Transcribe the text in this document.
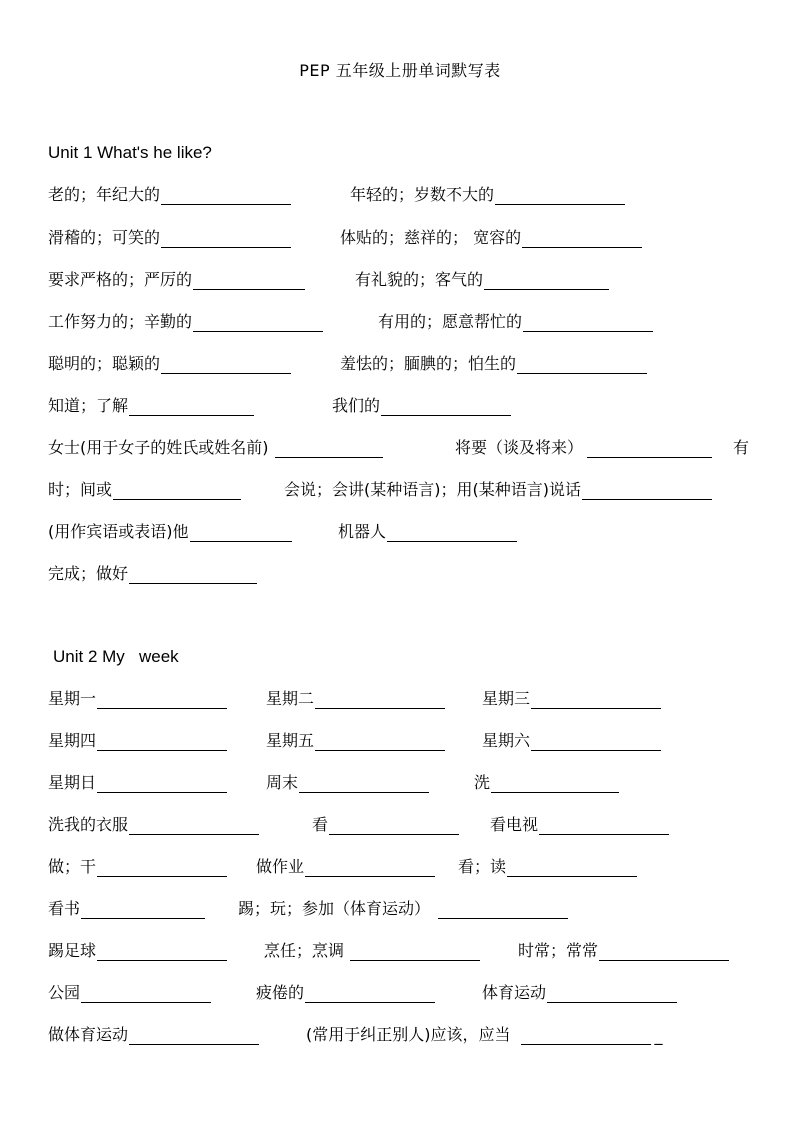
PEP 五年级上册单词默写表
Unit 1 What's he like?
老的；年纪大的	年轻的；岁数不大的
滑稽的；可笑的	体贴的；慈祥的； 宽容的
要求严格的；严厉的	有礼貌的；客气的
工作努力的；辛勤的	有用的；愿意帮忙的
聪明的；聪颖的	羞怯的；腼腆的；怕生的
知道；了解	我们的
女士(用于女子的姓氏或姓名前)	将要（谈及将来）	有
时；间或	会说；会讲(某种语言)；用(某种语言)说话
(用作宾语或表语)他	机器人
完成；做好
Unit 2 My   week
星期一	星期二	星期三
星期四	星期五	星期六
星期日	周末	洗
洗我的衣服	看	看电视
做；干	做作业	看；读
看书	踢；玩；参加（体育运动）
踢足球	烹任；烹调	时常；常常
公园	疲倦的	体育运动
做体育运动	(常用于纠正别人)应该，应当	_
